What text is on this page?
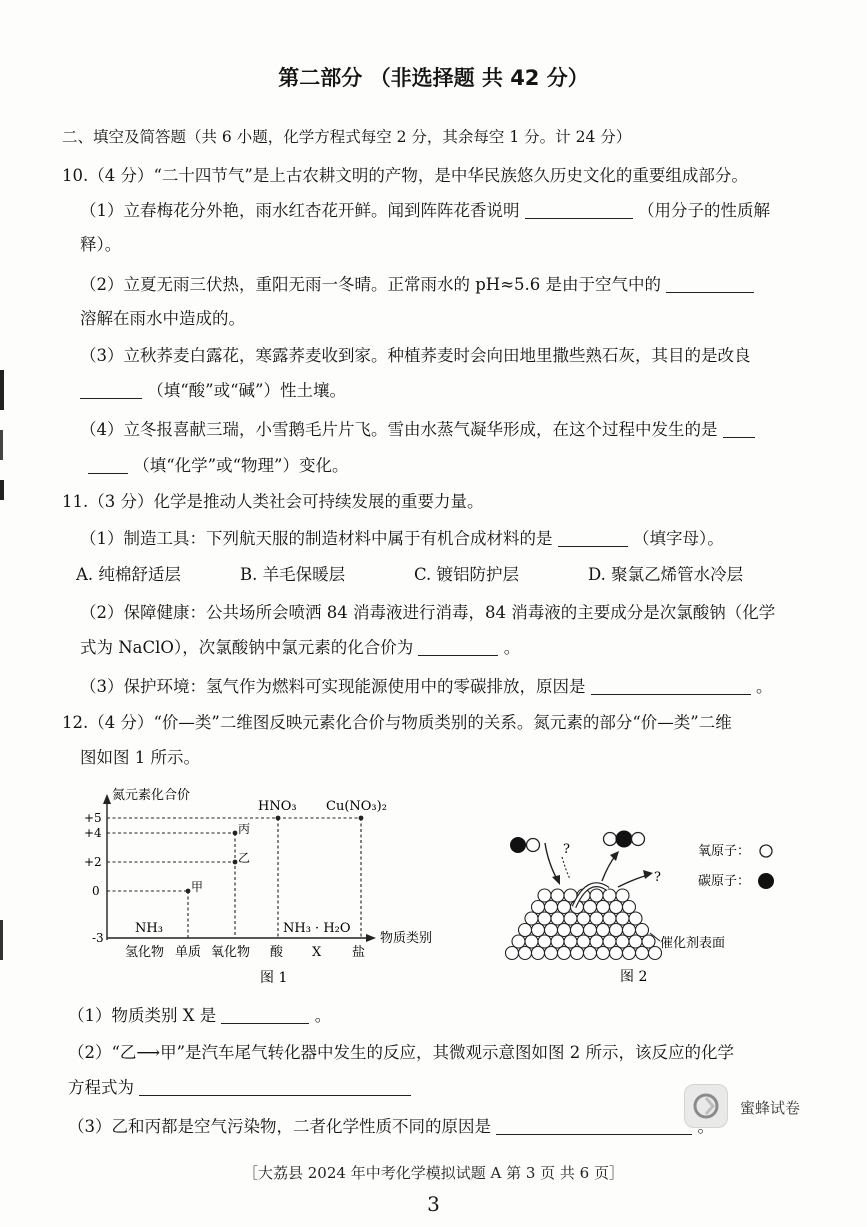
第二部分 （非选择题 共 42 分）
二、填空及简答题（共 6 小题，化学方程式每空 2 分，其余每空 1 分。计 24 分）
10.（4 分）“二十四节气”是上古农耕文明的产物，是中华民族悠久历史文化的重要组成部分。
（1）立春梅花分外艳，雨水红杏花开鲜。闻到阵阵花香说明	（用分子的性质解
释）。
（2）立夏无雨三伏热，重阳无雨一冬晴。正常雨水的 pH≈5.6 是由于空气中的
溶解在雨水中造成的。
（3）立秋荞麦白露花，寒露荞麦收到家。种植荞麦时会向田地里撒些熟石灰，其目的是改良
（填“酸”或“碱”）性土壤。
（4）立冬报喜献三瑞，小雪鹅毛片片飞。雪由水蒸气凝华形成，在这个过程中发生的是
（填“化学”或“物理”）变化。
11.（3 分）化学是推动人类社会可持续发展的重要力量。
（1）制造工具：下列航天服的制造材料中属于有机合成材料的是	（填字母）。
A. 纯棉舒适层	B. 羊毛保暖层	C. 镀铝防护层	D. 聚氯乙烯管水冷层
（2）保障健康：公共场所会喷洒 84 消毒液进行消毒，84 消毒液的主要成分是次氯酸钠（化学
式为 NaClO），次氯酸钠中氯元素的化合价为	。
（3）保护环境：氢气作为燃料可实现能源使用中的零碳排放，原因是	。
12.（4 分）“价—类”二维图反映元素化合价与物质类别的关系。氮元素的部分“价—类”二维
图如图 1 所示。
氮元素化合价
+5
+4
+2
0
-3
HNO₃ Cu(NO₃)₂
丙
乙
甲
NH₃	NH₃ · H₂O
物质类别
氢化物 单质 氧化物 酸 X 盐
图 1
?
?
氧原子：
碳原子：
催化剂表面
图 2
（1）物质类别 X 是	。
（2）“乙⟶甲”是汽车尾气转化器中发生的反应，其微观示意图如图 2 所示，该反应的化学
方程式为
（3）乙和丙都是空气污染物，二者化学性质不同的原因是
蜜蜂试卷
［大荔县 2024 年中考化学模拟试题 A 第 3 页 共 6 页］
3
